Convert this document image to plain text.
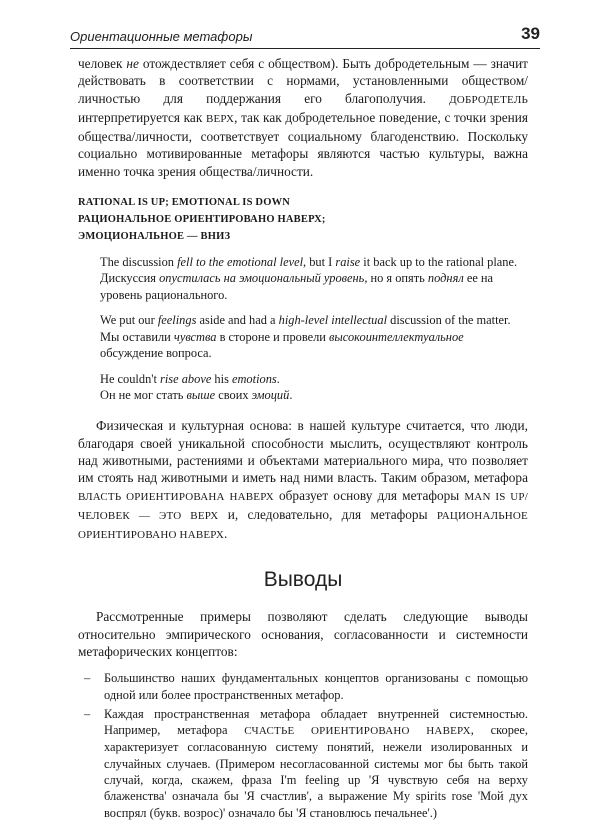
Ориентационные метафоры	39

человек не отождествляет себя с обществом). Быть добродетельным — значит действовать в соответствии с нормами, установленными обществом/личностью для поддержания его благополучия. ДОБРОДЕТЕЛЬ интерпретируется как ВЕРХ, так как добродетельное поведение, с точки зрения общества/личности, соответствует социальному благоденствию. Поскольку социально мотивированные метафоры являются частью культуры, важна именно точка зрения общества/личности.

RATIONAL IS UP; EMOTIONAL IS DOWN
РАЦИОНАЛЬНОЕ ОРИЕНТИРОВАНО НАВЕРХ;
ЭМОЦИОНАЛЬНОЕ — ВНИЗ
The discussion fell to the emotional level, but I raise it back up to the rational plane.
Дискуссия опустилась на эмоциональный уровень, но я опять поднял ее на уровень рационального.
We put our feelings aside and had a high-level intellectual discussion of the matter.
Мы оставили чувства в стороне и провели высокоинтеллектуальное обсуждение вопроса.
He couldn't rise above his emotions.
Он не мог стать выше своих эмоций.

Физическая и культурная основа: в нашей культуре считается, что люди, благодаря своей уникальной способности мыслить, осуществляют контроль над животными, растениями и объектами материального мира, что позволяет им стоять над животными и иметь над ними власть. Таким образом, метафора ВЛАСТЬ ОРИЕНТИРОВАНА НАВЕРХ образует основу для метафоры MAN IS UP/ЧЕЛОВЕК — ЭТО ВЕРХ и, следовательно, для метафоры РАЦИОНАЛЬНОЕ ОРИЕНТИРОВАНО НАВЕРХ.

Выводы

Рассмотренные примеры позволяют сделать следующие выводы относительно эмпирического основания, согласованности и системности метафорических концептов:

– Большинство наших фундаментальных концептов организованы с помощью одной или более пространственных метафор.
– Каждая пространственная метафора обладает внутренней системностью. Например, метафора СЧАСТЬЕ ОРИЕНТИРОВАНО НАВЕРХ, скорее, характеризует согласованную систему понятий, нежели изолированных и случайных случаев. (Примером несогласованной системы мог бы быть такой случай, когда, скажем, фраза I'm feeling up 'Я чувствую себя на верху блаженства' означала бы 'Я счастлив', а выражение My spirits rose 'Мой дух воспрял (букв. возрос)' означало бы 'Я становлюсь печальнее'.)
